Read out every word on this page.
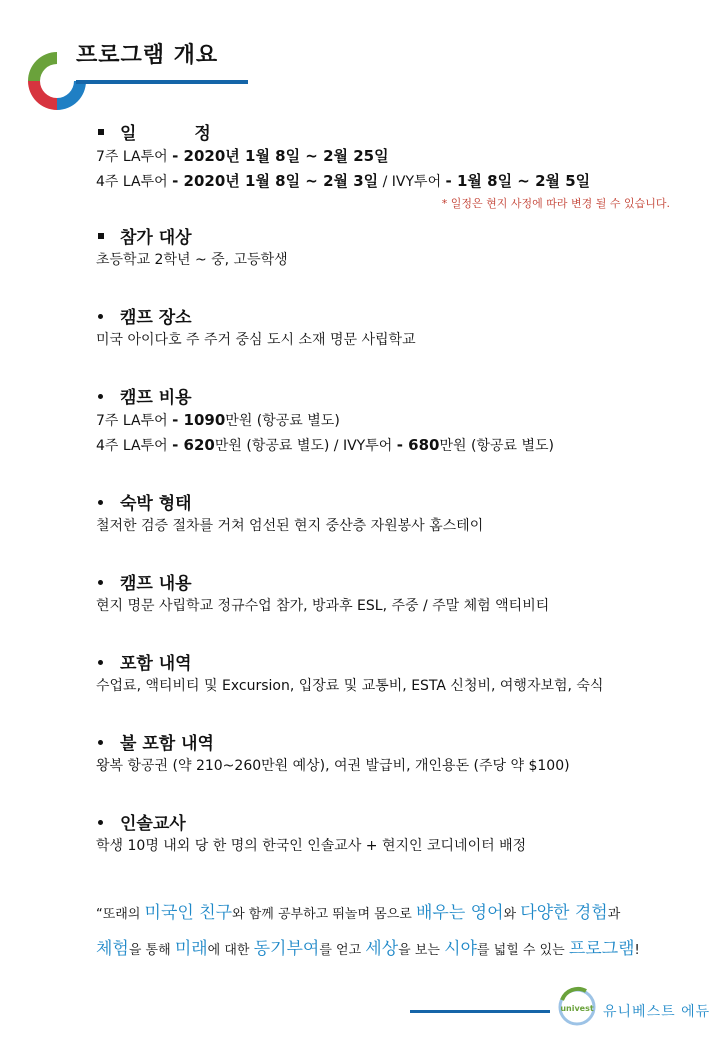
프로그램 개요
일 정
7주 LA투어 - 2020년 1월 8일 ~ 2월 25일
4주 LA투어 - 2020년 1월 8일 ~ 2월 3일 / IVY투어 - 1월 8일 ~ 2월 5일
* 일정은 현지 사정에 따라 변경 될 수 있습니다.
참가 대상
초등학교 2학년 ~ 중, 고등학생
캠프 장소
미국 아이다호 주 주거 중심 도시 소재 명문 사립학교
캠프 비용
7주 LA투어 - 1090만원 (항공료 별도)
4주 LA투어 - 620만원 (항공료 별도) / IVY투어 - 680만원 (항공료 별도)
숙박 형태
철저한 검증 절차를 거쳐 엄선된 현지 중산층 자원봉사 홈스테이
캠프 내용
현지 명문 사립학교 정규수업 참가, 방과후 ESL, 주중 / 주말 체험 액티비티
포함 내역
수업료, 액티비티 및 Excursion, 입장료 및 교통비, ESTA 신청비, 여행자보험, 숙식
불 포함 내역
왕복 항공권 (약 210~260만원 예상), 여권 발급비, 개인용돈 (주당 약 $100)
인솔교사
학생 10명 내외 당 한 명의 한국인 인솔교사 + 현지인 코디네이터 배정
“또래의 미국인 친구와 함께 공부하고 뛰놀며 몸으로 배우는 영어와 다양한 경험과
체험을 통해 미래에 대한 동기부여를 얻고 세상을 보는 시야를 넓힐 수 있는 프로그램!
univest 유니베스트 에듀
